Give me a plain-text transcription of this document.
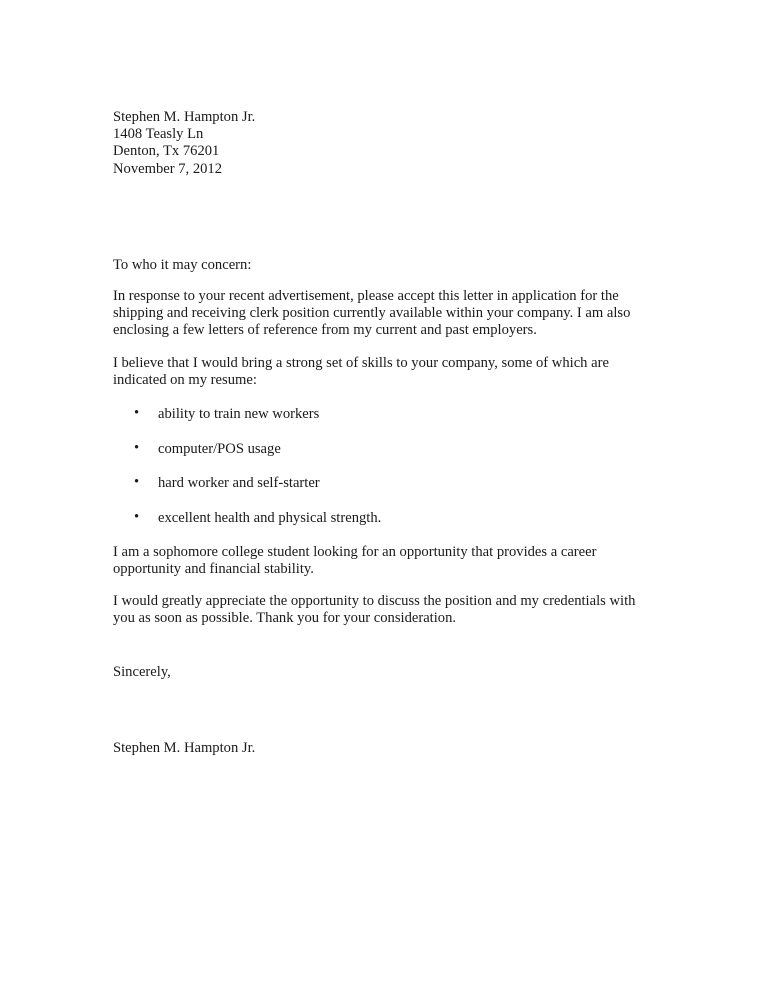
Stephen M. Hampton Jr.
1408 Teasly Ln
Denton, Tx 76201
November 7, 2012
To who it may concern:
In response to your recent advertisement, please accept this letter in application for the
shipping and receiving clerk position currently available within your company. I am also
enclosing a few letters of reference from my current and past employers.
I believe that I would bring a strong set of skills to your company, some of which are
indicated on my resume:
• ability to train new workers
• computer/POS usage
• hard worker and self-starter
• excellent health and physical strength.
I am a sophomore college student looking for an opportunity that provides a career
opportunity and financial stability.
I would greatly appreciate the opportunity to discuss the position and my credentials with
you as soon as possible. Thank you for your consideration.
Sincerely,
Stephen M. Hampton Jr.
